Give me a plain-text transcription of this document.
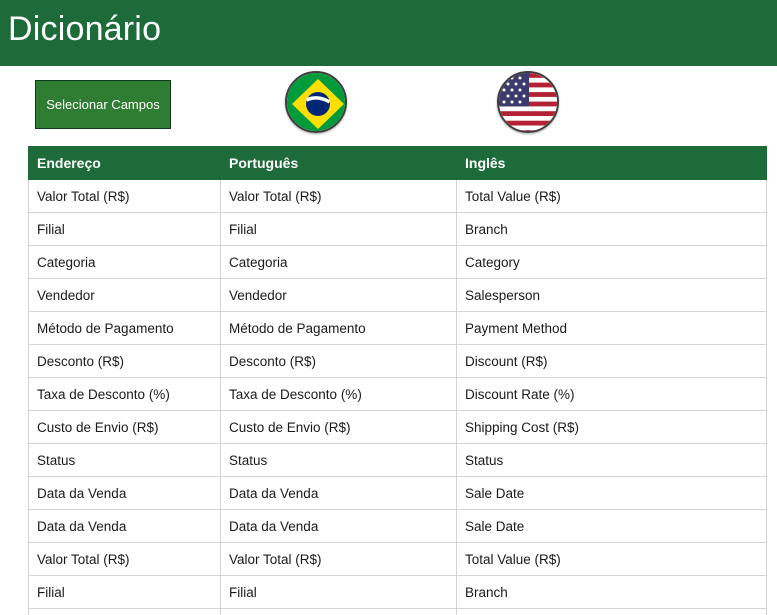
Dicionário
Selecionar Campos
Endereço	Português	Inglês
Valor Total (R$)	Valor Total (R$)	Total Value (R$)
Filial	Filial	Branch
Categoria	Categoria	Category
Vendedor	Vendedor	Salesperson
Método de Pagamento	Método de Pagamento	Payment Method
Desconto (R$)	Desconto (R$)	Discount (R$)
Taxa de Desconto (%)	Taxa de Desconto (%)	Discount Rate (%)
Custo de Envio (R$)	Custo de Envio (R$)	Shipping Cost (R$)
Status	Status	Status
Data da Venda	Data da Venda	Sale Date
Data da Venda	Data da Venda	Sale Date
Valor Total (R$)	Valor Total (R$)	Total Value (R$)
Filial	Filial	Branch
